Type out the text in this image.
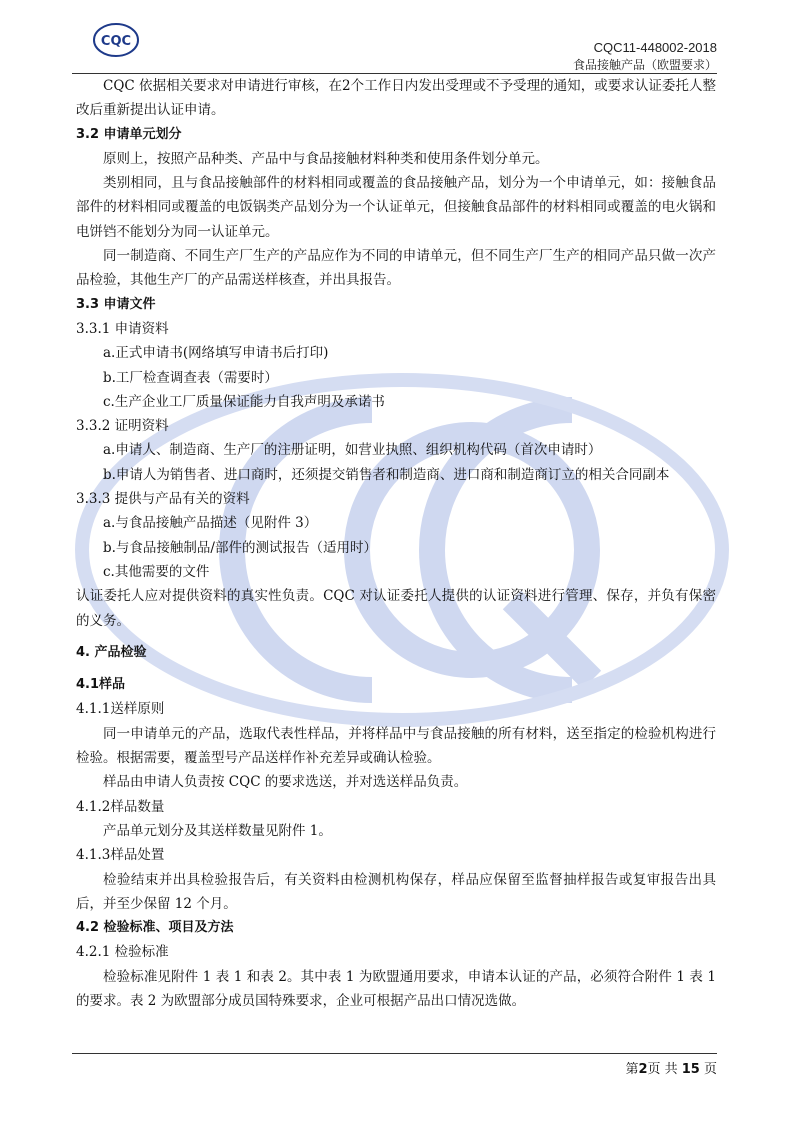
CQC	CQC11-448002-2018
食品接触产品（欧盟要求）

CQC 依据相关要求对申请进行审核，在2个工作日内发出受理或不予受理的通知，或要求认证委托人整改后重新提出认证申请。

3.2 申请单元划分

原则上，按照产品种类、产品中与食品接触材料种类和使用条件划分单元。

类别相同，且与食品接触部件的材料相同或覆盖的食品接触产品，划分为一个申请单元，如：接触食品部件的材料相同或覆盖的电饭锅类产品划分为一个认证单元，但接触食品部件的材料相同或覆盖的电火锅和电饼铛不能划分为同一认证单元。

同一制造商、不同生产厂生产的产品应作为不同的申请单元，但不同生产厂生产的相同产品只做一次产品检验，其他生产厂的产品需送样核查，并出具报告。

3.3 申请文件

3.3.1 申请资料

a.正式申请书(网络填写申请书后打印)

b.工厂检查调查表（需要时）

c.生产企业工厂质量保证能力自我声明及承诺书

3.3.2 证明资料

a.申请人、制造商、生产厂的注册证明，如营业执照、组织机构代码（首次申请时）

b.申请人为销售者、进口商时，还须提交销售者和制造商、进口商和制造商订立的相关合同副本

3.3.3 提供与产品有关的资料

a.与食品接触产品描述（见附件 3）

b.与食品接触制品/部件的测试报告（适用时）

c.其他需要的文件

认证委托人应对提供资料的真实性负责。CQC 对认证委托人提供的认证资料进行管理、保存，并负有保密的义务。

4. 产品检验

4.1样品

4.1.1送样原则

同一申请单元的产品，选取代表性样品，并将样品中与食品接触的所有材料，送至指定的检验机构进行检验。根据需要，覆盖型号产品送样作补充差异或确认检验。

样品由申请人负责按 CQC 的要求选送，并对选送样品负责。

4.1.2样品数量

产品单元划分及其送样数量见附件 1。

4.1.3样品处置

检验结束并出具检验报告后，有关资料由检测机构保存，样品应保留至监督抽样报告或复审报告出具后，并至少保留 12 个月。

4.2 检验标准、项目及方法

4.2.1 检验标准

检验标准见附件 1 表 1 和表 2。其中表 1 为欧盟通用要求，申请本认证的产品，必须符合附件 1 表 1 的要求。表 2 为欧盟部分成员国特殊要求，企业可根据产品出口情况选做。

第2页 共 15 页
